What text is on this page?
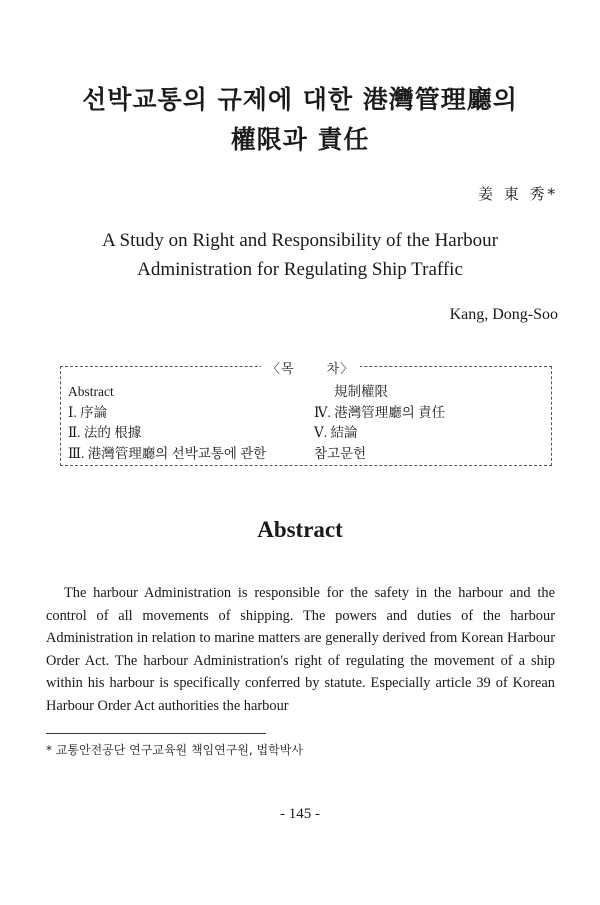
선박교통의 규제에 대한 港灣管理廳의
權限과 責任
姜 東 秀*
A Study on Right and Responsibility of the Harbour
Administration for Regulating Ship Traffic
Kang, Dong-Soo
〈목 차〉
Abstract
Ⅰ. 序論
Ⅱ. 法的 根據
Ⅲ. 港灣管理廳의 선박교통에 관한
規制權限
Ⅳ. 港灣管理廳의 責任
Ⅴ. 結論
참고문헌
Abstract
The harbour Administration is responsible for the safety in the harbour and the control of all movements of shipping. The powers and duties of the harbour Administration in relation to marine matters are generally derived from Korean Harbour Order Act. The harbour Administration's right of regulating the movement of a ship within his harbour is specifically conferred by statute. Especially article 39 of Korean Harbour Order Act authorities the harbour
* 교통안전공단 연구교육원 책임연구원, 법학박사
- 145 -
